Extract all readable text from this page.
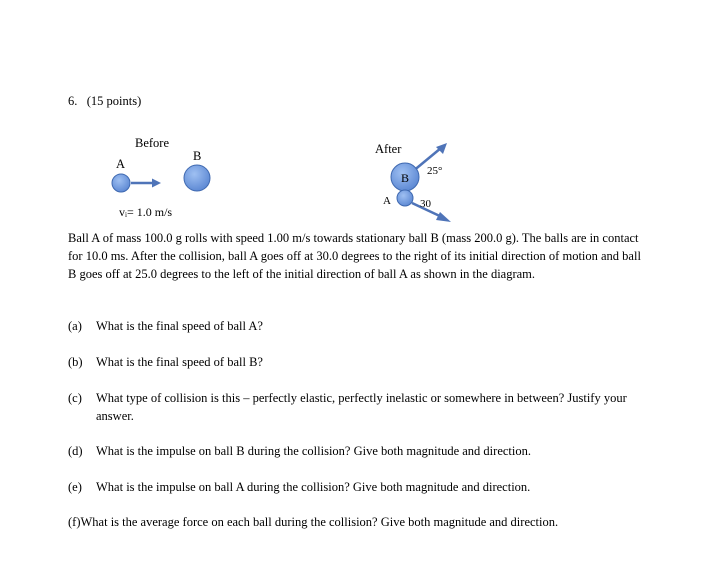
6. (15 points)
Before
A
B
vᵢ= 1.0 m/s
After
B 25°
A	30
Ball A of mass 100.0 g rolls with speed 1.00 m/s towards stationary ball B (mass 200.0 g). The balls are in contact for 10.0 ms. After the collision, ball A goes off at 30.0 degrees to the right of its initial direction of motion and ball B goes off at 25.0 degrees to the left of the initial direction of ball A as shown in the diagram.
(a) What is the final speed of ball A?
(b) What is the final speed of ball B?
(c) What type of collision is this – perfectly elastic, perfectly inelastic or somewhere in between? Justify your answer.
(d) What is the impulse on ball B during the collision? Give both magnitude and direction.
(e) What is the impulse on ball A during the collision? Give both magnitude and direction.
(f)What is the average force on each ball during the collision? Give both magnitude and direction.
